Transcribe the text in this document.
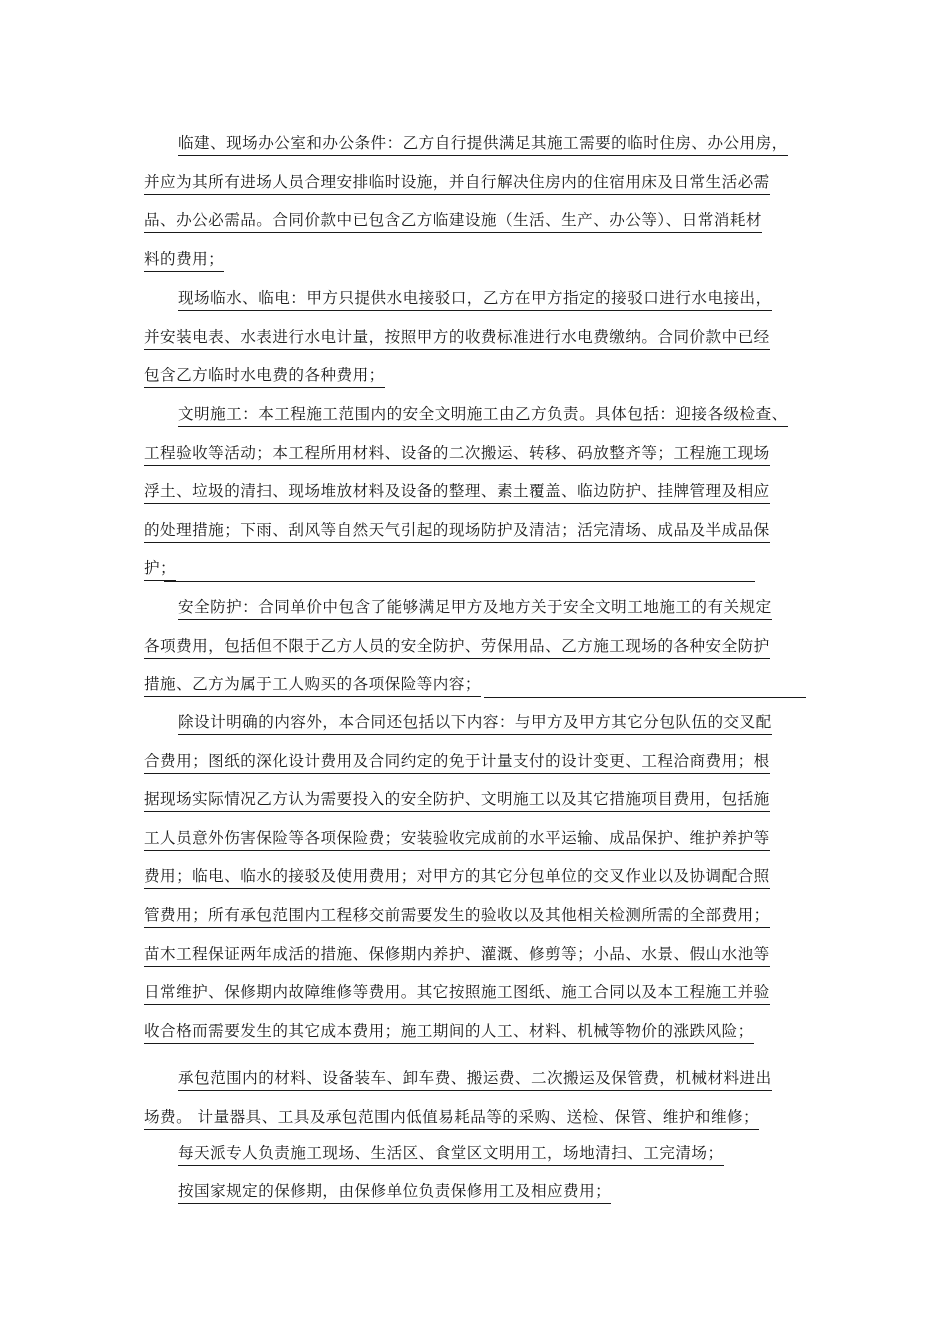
临建、现场办公室和办公条件：乙方自行提供满足其施工需要的临时住房、办公用房，
并应为其所有进场人员合理安排临时设施，并自行解决住房内的住宿用床及日常生活必需
品、办公必需品。合同价款中已包含乙方临建设施（生活、生产、办公等）、日常消耗材
料的费用；
现场临水、临电：甲方只提供水电接驳口，乙方在甲方指定的接驳口进行水电接出，
并安装电表、水表进行水电计量，按照甲方的收费标准进行水电费缴纳。合同价款中已经
包含乙方临时水电费的各种费用；
文明施工：本工程施工范围内的安全文明施工由乙方负责。具体包括：迎接各级检查、
工程验收等活动；本工程所用材料、设备的二次搬运、转移、码放整齐等；工程施工现场
浮土、垃圾的清扫、现场堆放材料及设备的整理、素土覆盖、临边防护、挂牌管理及相应
的处理措施；下雨、刮风等自然天气引起的现场防护及清洁；活完清场、成品及半成品保
护；
安全防护：合同单价中包含了能够满足甲方及地方关于安全文明工地施工的有关规定
各项费用，包括但不限于乙方人员的安全防护、劳保用品、乙方施工现场的各种安全防护
措施、乙方为属于工人购买的各项保险等内容；
除设计明确的内容外，本合同还包括以下内容：与甲方及甲方其它分包队伍的交叉配
合费用；图纸的深化设计费用及合同约定的免于计量支付的设计变更、工程洽商费用；根
据现场实际情况乙方认为需要投入的安全防护、文明施工以及其它措施项目费用，包括施
工人员意外伤害保险等各项保险费；安装验收完成前的水平运输、成品保护、维护养护等
费用；临电、临水的接驳及使用费用；对甲方的其它分包单位的交叉作业以及协调配合照
管费用；所有承包范围内工程移交前需要发生的验收以及其他相关检测所需的全部费用；
苗木工程保证两年成活的措施、保修期内养护、灌溉、修剪等；小品、水景、假山水池等
日常维护、保修期内故障维修等费用。其它按照施工图纸、施工合同以及本工程施工并验
收合格而需要发生的其它成本费用；施工期间的人工、材料、机械等物价的涨跌风险；
承包范围内的材料、设备装车、卸车费、搬运费、二次搬运及保管费，机械材料进出
场费。 计量器具、工具及承包范围内低值易耗品等的采购、送检、保管、维护和维修；
每天派专人负责施工现场、生活区、食堂区文明用工，场地清扫、工完清场；
按国家规定的保修期，由保修单位负责保修用工及相应费用；
